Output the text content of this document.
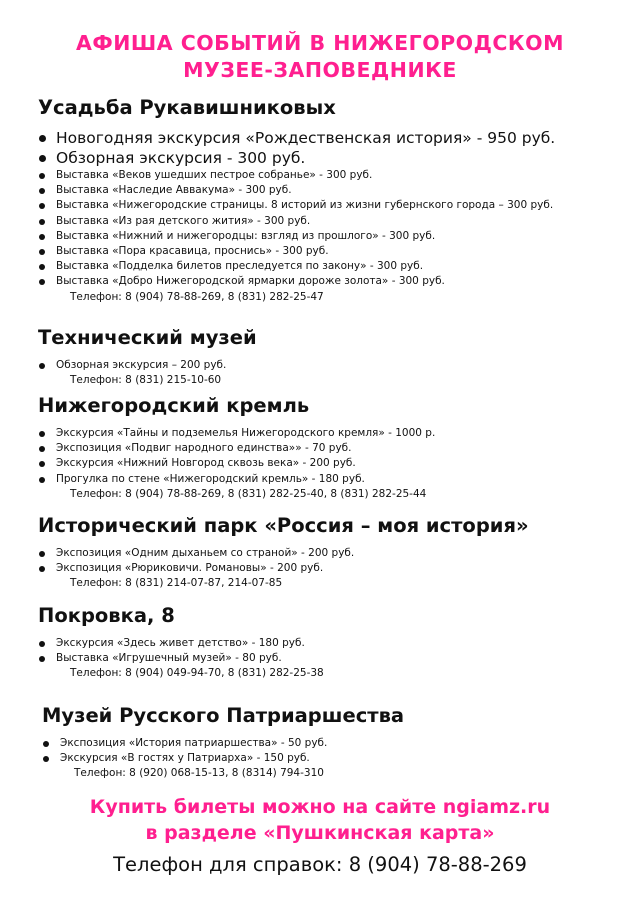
АФИША СОБЫТИЙ В НИЖЕГОРОДСКОМ
МУЗЕЕ-ЗАПОВЕДНИКЕ
Усадьба Рукавишниковых
Новогодняя экскурсия «Рождественская история» - 950 руб.
Обзорная экскурсия - 300 руб.
Выставка «Веков ушедших пестрое собранье» - 300 руб.
Выставка «Наследие Аввакума» - 300 руб.
Выставка «Нижегородские страницы. 8 историй из жизни губернского города – 300 руб.
Выставка «Из рая детского жития» - 300 руб.
Выставка «Нижний и нижегородцы: взгляд из прошлого» - 300 руб.
Выставка «Пора красавица, проснись» - 300 руб.
Выставка «Подделка билетов преследуется по закону» - 300 руб.
Выставка «Добро Нижегородской ярмарки дороже золота» - 300 руб.
Телефон: 8 (904) 78-88-269, 8 (831) 282-25-47
Технический музей
Обзорная экскурсия – 200 руб.
Телефон: 8 (831) 215-10-60
Нижегородский кремль
Экскурсия «Тайны и подземелья Нижегородского кремля» - 1000 р.
Экспозиция «Подвиг народного единства»» - 70 руб.
Экскурсия «Нижний Новгород сквозь века» - 200 руб.
Прогулка по стене «Нижегородский кремль» - 180 руб.
Телефон: 8 (904) 78-88-269, 8 (831) 282-25-40, 8 (831) 282-25-44
Исторический парк «Россия – моя история»
Экспозиция «Одним дыханьем со страной» - 200 руб.
Экспозиция «Рюриковичи. Романовы» - 200 руб.
Телефон: 8 (831) 214-07-87, 214-07-85
Покровка, 8
Экскурсия «Здесь живет детство» - 180 руб.
Выставка «Игрушечный музей» - 80 руб.
Телефон: 8 (904) 049-94-70, 8 (831) 282-25-38
Музей Русского Патриаршества
Экспозиция «История патриаршества» - 50 руб.
Экскурсия «В гостях у Патриарха» - 150 руб.
Телефон: 8 (920) 068-15-13, 8 (8314) 794-310
Купить билеты можно на сайте ngiamz.ru
в разделе «Пушкинская карта»
Телефон для справок: 8 (904) 78-88-269
